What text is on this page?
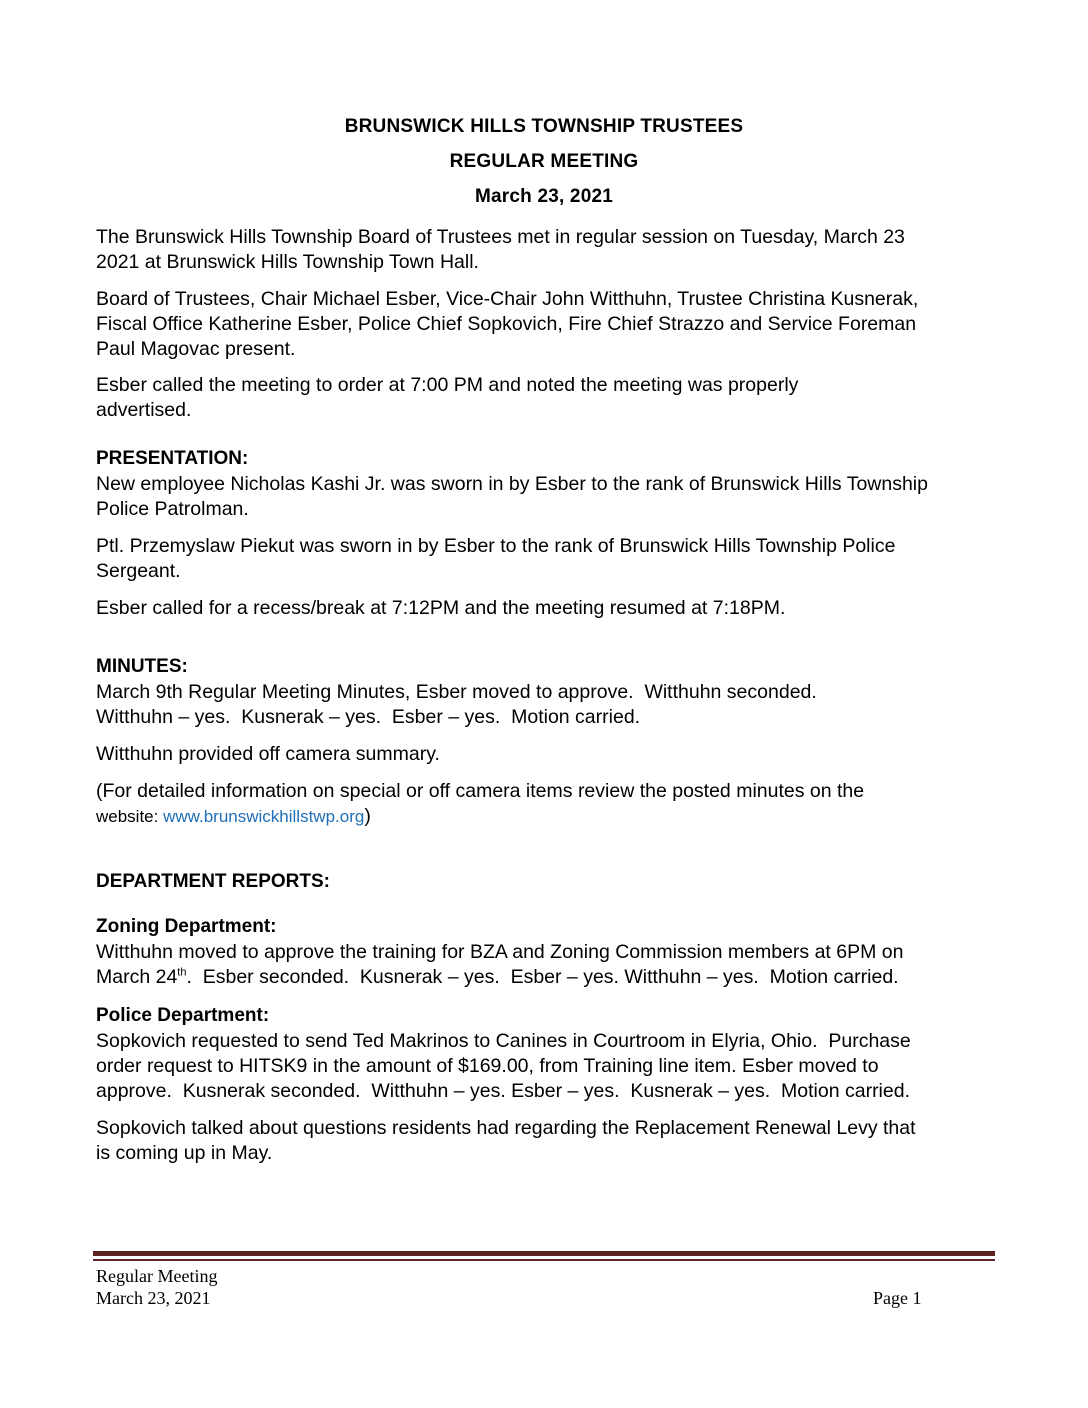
BRUNSWICK HILLS TOWNSHIP TRUSTEES
REGULAR MEETING
March 23, 2021
The Brunswick Hills Township Board of Trustees met in regular session on Tuesday, March 23
2021 at Brunswick Hills Township Town Hall.
Board of Trustees, Chair Michael Esber, Vice-Chair John Witthuhn, Trustee Christina Kusnerak,
Fiscal Office Katherine Esber, Police Chief Sopkovich, Fire Chief Strazzo and Service Foreman
Paul Magovac present.
Esber called the meeting to order at 7:00 PM and noted the meeting was properly
advertised.
PRESENTATION:
New employee Nicholas Kashi Jr. was sworn in by Esber to the rank of Brunswick Hills Township
Police Patrolman.
Ptl. Przemyslaw Piekut was sworn in by Esber to the rank of Brunswick Hills Township Police
Sergeant.
Esber called for a recess/break at 7:12PM and the meeting resumed at 7:18PM.
MINUTES:
March 9th Regular Meeting Minutes, Esber moved to approve.  Witthuhn seconded.
Witthuhn – yes.  Kusnerak – yes.  Esber – yes.  Motion carried.
Witthuhn provided off camera summary.
(For detailed information on special or off camera items review the posted minutes on the
website: www.brunswickhillstwp.org)
DEPARTMENT REPORTS:
Zoning Department:
Witthuhn moved to approve the training for BZA and Zoning Commission members at 6PM on
March 24th.  Esber seconded.  Kusnerak – yes.  Esber – yes. Witthuhn – yes.  Motion carried.
Police Department:
Sopkovich requested to send Ted Makrinos to Canines in Courtroom in Elyria, Ohio.  Purchase
order request to HITSK9 in the amount of $169.00, from Training line item. Esber moved to
approve.  Kusnerak seconded.  Witthuhn – yes. Esber – yes.  Kusnerak – yes.  Motion carried.
Sopkovich talked about questions residents had regarding the Replacement Renewal Levy that
is coming up in May.
Regular Meeting
March 23, 2021	Page 1
